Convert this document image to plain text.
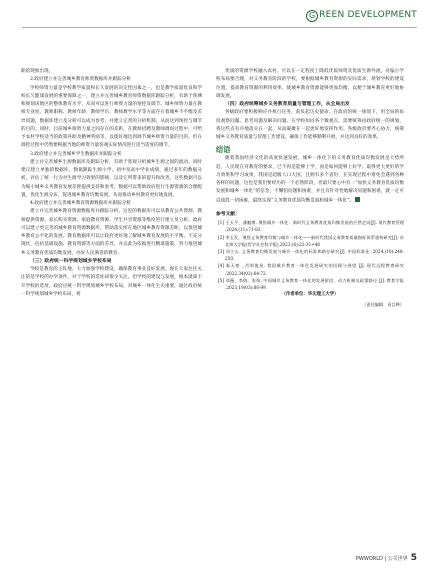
G REEN DEVELOPMENT
职的现象出现。
2.政府建立并完善城乡教育师资数据库并跟踪分析
学校师资力量是学校教学质量和长久发展的决定性因素之一，也是教学质量优良和学校长久健康发展的重要保障之一，建立并完善城乡教育师资数据库跟踪分析，有助于预测和规划该地区的整体教育水平，从而可以进行师资力量的预控及调节。城乡师资力量在教师专业度、教师职称、教师年龄、教师学历、教师教学水平等方面存在着城乡不平衡及差异问题，数据库建立及分析可以成为参考，并建立完善的分析机制，从而达到预控与调节的目的。同时，目前城乡师资力量之间存在的差距，在教师招聘及教师调岗过程中，可给予农村学校适当的政策补助及精神奖励等，以使好地达到调节城乡师资力量的目的。但在调控过程中仍然要根据当地的师资力量客观实际情况进行适当适度的调节。
3.政府建立并完善城乡学生数据库并跟踪分析
建立并完善城乡生源数据库及跟踪分析，有助于客观分析城乡生源之间的流动。同时建议建立单独的数据库，数据跟踪生源小学、初中及高中学业成绩，通过多年的数据分析，评估了统一行为对生源学习效果的影响，以及它所带来的提升和改善。这些数据可以为缩小城乡义务教育发展差距提供支持和参考，数据可以帮助政府进行生源资源的合理配置，优化生源分布，促进城乡教育均衡发展，从而推动乡村教育更好地发展。
4.政府建立并完善城乡教育资源数据库并跟踪分析
建立并完善城乡教育资源数据库并跟踪分析，这里的数据库可以从教育公共资源、教师提供资源、家长购买资源、家庭教育资源、学生共享资源等维度进行建立及分析。政府可以建立更完善的城乡教育资源数据库，帮助落实所在地区城乡教育资源差距，以推进城乡教育公平化的发展。教育数据库可以让政府更好地了解城乡教育发展的不平衡、不充分现状，包括基础设施、教育资源等方面的差异，并以此为依据进行精准施策，努力推进城乡义务教育优质均衡发展，办好人民满意的教育。
（三）政府统一科学规划城乡学校布局
学校是教育的主阵地，大力加强学校建设，确保教育事业良好发展。现在大家往往关注的是学校的办学条件，对于学校的选址却很少关注。但学校的建设与发展，根本就离不开学校的选址，政府应统一科学规划城乡学校布局，对城乡一体化生关重要。通过政府统一科学规划城乡学校布局，将
优质的资源学校融入农村，可以在一定程度上降低优质师资及优质生源外流。对偏小学校布局要合理，对义务教育阶段的学校，要根据城乡教育资源的实际需求，规划学校的建设位置，提高教育资源的利用效率，使城乡教育资源能够更加均衡，以便于城乡教育更好地协调发展。
（四）政府统筹城乡义务教育质量与管理工作，从全局出发
各级政府要积极响应并执行任务，前负起历史使命。在政府的统一规划下，用全局的角度观察问题。思考问题及解决问题。在学校如同各个微观点，需要统筹由政府统一的规划，将这些点有序地落实在一起，从而凝聚在一起更好地发挥作用。各级政府要齐心协力，统筹城乡义务教育质量与管理工作建设，确保工作能够顺利开展，并达到良好的效果。
结语
随着我国经济文化的高度快速发展，城乡一体化下的义务教育优质均衡发展是大势所趋，人民现在对教育的要求，已不再是能够上学，而是如何能够上好学。取得更大更好的学习效果和学习成果，我国是超级人口大国，且拥有多个省份，在实现过程中难免会遇到各种各样的问题，这也是我们要经历的一个必然阶段，但最只要心中有一“加快义务教育优质均衡发展和城乡一体化”的信念，不懈怕问题和困难，并且有针对性地解决问题和困难，就一定可以战胜一切困难，最终实现“义务教育优质均衡发展和城乡一体化”。
参考文献：
[1] 王天平，潘魁博. 聚焦城乡一体化：新时代义务教育优质均衡发展的应然走向[J]. 现代教育管理 ,2024,(11):71-83.
[2] 李玉发，聚焦义务教育均衡与城乡一体化——新时代我国义务教育质量指标体系建构研究[J]. 东北师大学报(哲学社会科学版),2023,(6):22-31+46
[3] 刘立山. 义务教育均衡发展与城乡一体化的标准和路径研究[J]. 中国标准化 ,2024,(10):248-250.
[4] 秦天寒 , 肖明俊星. 我国城乡教育一体化发展研究的回顾与展望 [J]. 现代远程教育研究 ,2022,34(02):64-72.
[5] 邓薇，李倩，张灿. 中国城乡义务教育一体化的发展阶段、动力机制及政策路径 [J]. 教育学报 ,2023,19(03):86-99.
（作者单位：华北理工大学）
（责任编辑：袁目桦）
PWWORLD | 公关世界 5
